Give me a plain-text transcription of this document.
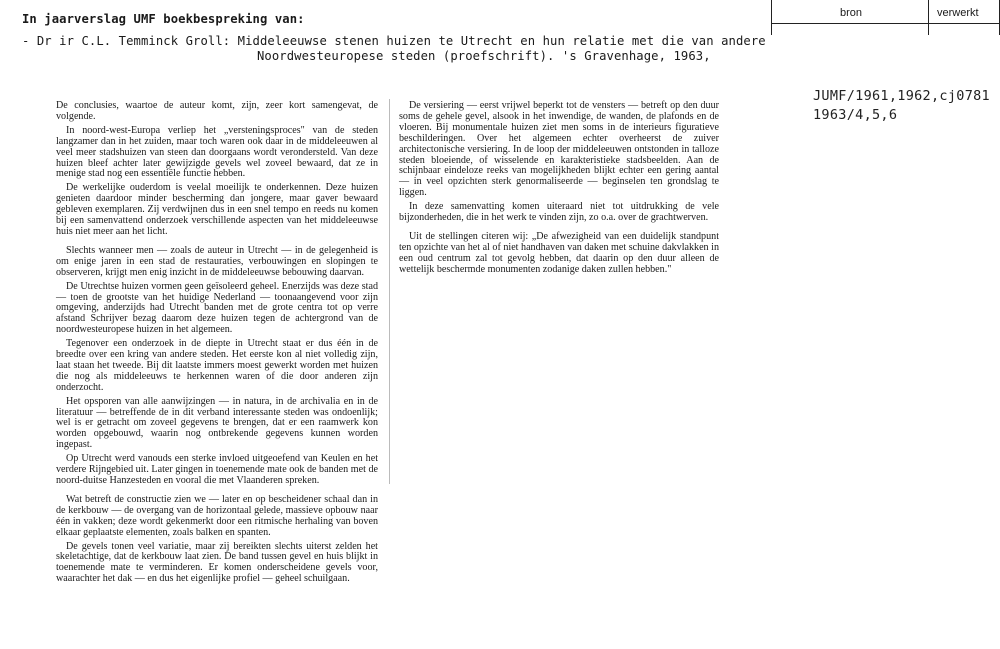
In jaarverslag UMF boekbespreking van:
- Dr ir C.L. Temminck Groll: Middeleeuwse stenen huizen te Utrecht en hun relatie met die van andere
Noordwesteuropese steden (proefschrift). 's Gravenhage, 1963,
bron	verwerkt
JUMF/1961,1962,cj0781
1963/4,5,6

De conclusies, waartoe de auteur komt, zijn, zeer kort samengevat, de volgende.

In noord-west-Europa verliep het „versteningsproces" van de steden langzamer dan in het zuiden, maar toch waren ook daar in de middeleeuwen al veel meer stadshuizen van steen dan doorgaans wordt verondersteld. Van deze huizen bleef achter later gewijzigde gevels wel zoveel bewaard, dat ze in menige stad nog een essentiële functie hebben.

De werkelijke ouderdom is veelal moeilijk te onderkennen. Deze huizen genieten daardoor minder bescherming dan jongere, maar gaver bewaard gebleven exemplaren. Zij verdwijnen dus in een snel tempo en reeds nu komen bij een samenvattend onderzoek verschillende aspecten van het middeleeuwse huis niet meer aan het licht.

Slechts wanneer men — zoals de auteur in Utrecht — in de gelegenheid is om enige jaren in een stad de restauraties, verbouwingen en slopingen te observeren, krijgt men enig inzicht in de middeleeuwse bebouwing daarvan.

De Utrechtse huizen vormen geen geïsoleerd geheel. Enerzijds was deze stad — toen de grootste van het huidige Nederland — toonaangevend voor zijn omgeving, anderzijds had Utrecht banden met de grote centra tot op verre afstand Schrijver bezag daarom deze huizen tegen de achtergrond van de noordwesteuropese huizen in het algemeen.

Tegenover een onderzoek in de diepte in Utrecht staat er dus één in de breedte over een kring van andere steden. Het eerste kon al niet volledig zijn, laat staan het tweede. Bij dit laatste immers moest gewerkt worden met huizen die nog als middeleeuws te herkennen waren of die door anderen zijn onderzocht.

Het opsporen van alle aanwijzingen — in natura, in de archivalia en in de literatuur — betreffende de in dit verband interessante steden was ondoenlijk; wel is er getracht om zoveel gegevens te brengen, dat er een raamwerk kon worden opgebouwd, waarin nog ontbrekende gegevens kunnen worden ingepast.

Op Utrecht werd vanouds een sterke invloed uitgeoefend van Keulen en het verdere Rijngebied uit. Later gingen in toenemende mate ook de banden met de noord-duitse Hanzesteden en vooral die met Vlaanderen spreken.

Wat betreft de constructie zien we — later en op bescheidener schaal dan in de kerkbouw — de overgang van de horizontaal gelede, massieve opbouw naar één in vakken; deze wordt gekenmerkt door een ritmische herhaling van boven elkaar geplaatste elementen, zoals balken en spanten.

De gevels tonen veel variatie, maar zij bereikten slechts uiterst zelden het skeletachtige, dat de kerkbouw laat zien. De band tussen gevel en huis blijkt in toenemende mate te verminderen. Er komen onderscheidene gevels voor, waarachter het dak — en dus het eigenlijke profiel — geheel schuilgaan.

De versiering — eerst vrijwel beperkt tot de vensters — betreft op den duur soms de gehele gevel, alsook in het inwendige, de wanden, de plafonds en de vloeren. Bij monumentale huizen ziet men soms in de interieurs figuratieve beschilderingen. Over het algemeen echter overheerst de zuiver architectonische versiering. In de loop der middeleeuwen ontstonden in talloze steden bloeiende, of wisselende en karakteristieke stadsbeelden. Aan de schijnbaar eindeloze reeks van mogelijkheden blijkt echter een gering aantal — in veel opzichten sterk genormaliseerde — beginselen ten grondslag te liggen.

In deze samenvatting komen uiteraard niet tot uitdrukking de vele bijzonderheden, die in het werk te vinden zijn, zo o.a. over de grachtwerven.

Uit de stellingen citeren wij: „De afwezigheid van een duidelijk standpunt ten opzichte van het al of niet handhaven van daken met schuine dakvlakken in een oud centrum zal tot gevolg hebben, dat daarin op den duur alleen de wettelijk beschermde monumenten zodanige daken zullen hebben."
